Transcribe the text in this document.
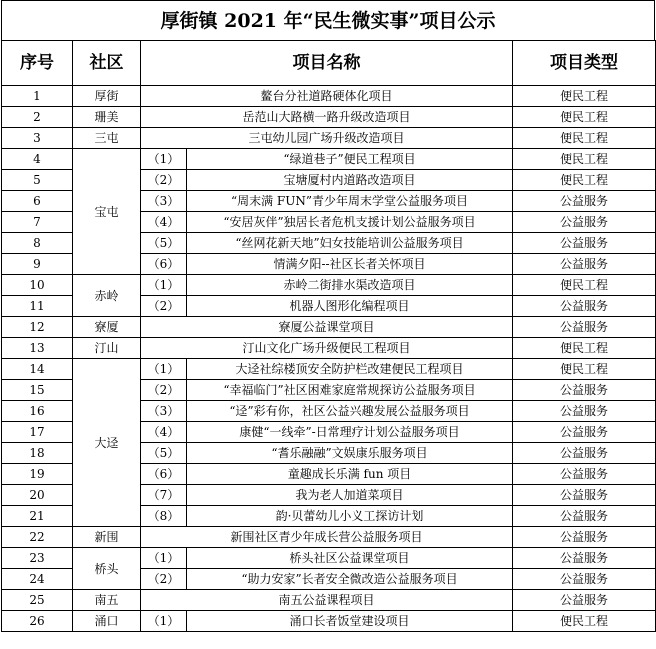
厚街镇 2021 年“民生微实事”项目公示
序号	社区	项目名称		项目类型
1	厚街	鳌台分社道路硬体化项目		便民工程
2	珊美	岳范山大路横一路升级改造项目		便民工程
3	三屯	三屯幼儿园广场升级改造项目		便民工程
4	宝屯	（1）	“绿道巷子”便民工程项目	便民工程
5		（2）	宝塘厦村内道路改造项目	便民工程
6		（3）	“周末满 FUN”青少年周末学堂公益服务项目	公益服务
7		（4）	“安居灰伴”独居长者危机支援计划公益服务项目	公益服务
8		（5）	“丝网花新天地”妇女技能培训公益服务项目	公益服务
9		（6）	情满夕阳--社区长者关怀项目	公益服务
10	赤岭	（1）	赤岭二街排水渠改造项目	便民工程
11		（2）	机器人图形化编程项目	公益服务
12	寮厦	寮厦公益课堂项目		公益服务
13	汀山	汀山文化广场升级便民工程项目		便民工程
14	大迳	（1）	大迳社综楼顶安全防护栏改建便民工程项目	便民工程
15		（2）	“幸福临门”社区困难家庭常规探访公益服务项目	公益服务
16		（3）	“迳”彩有你，社区公益兴趣发展公益服务项目	公益服务
17		（4）	康健“一线牵”-日常理疗计划公益服务项目	公益服务
18		（5）	“耆乐融融”文娱康乐服务项目	公益服务
19		（6）	童趣成长乐满 fun 项目	公益服务
20		（7）	我为老人加道菜项目	公益服务
21		（8）	韵·贝蕾幼儿小义工探访计划	公益服务
22	新围	新围社区青少年成长营公益服务项目		公益服务
23	桥头	（1）	桥头社区公益课堂项目	公益服务
24		（2）	“助力安家”长者安全微改造公益服务项目	公益服务
25	南五	南五公益课程项目		公益服务
26	涌口	（1）	涌口长者饭堂建设项目	便民工程
